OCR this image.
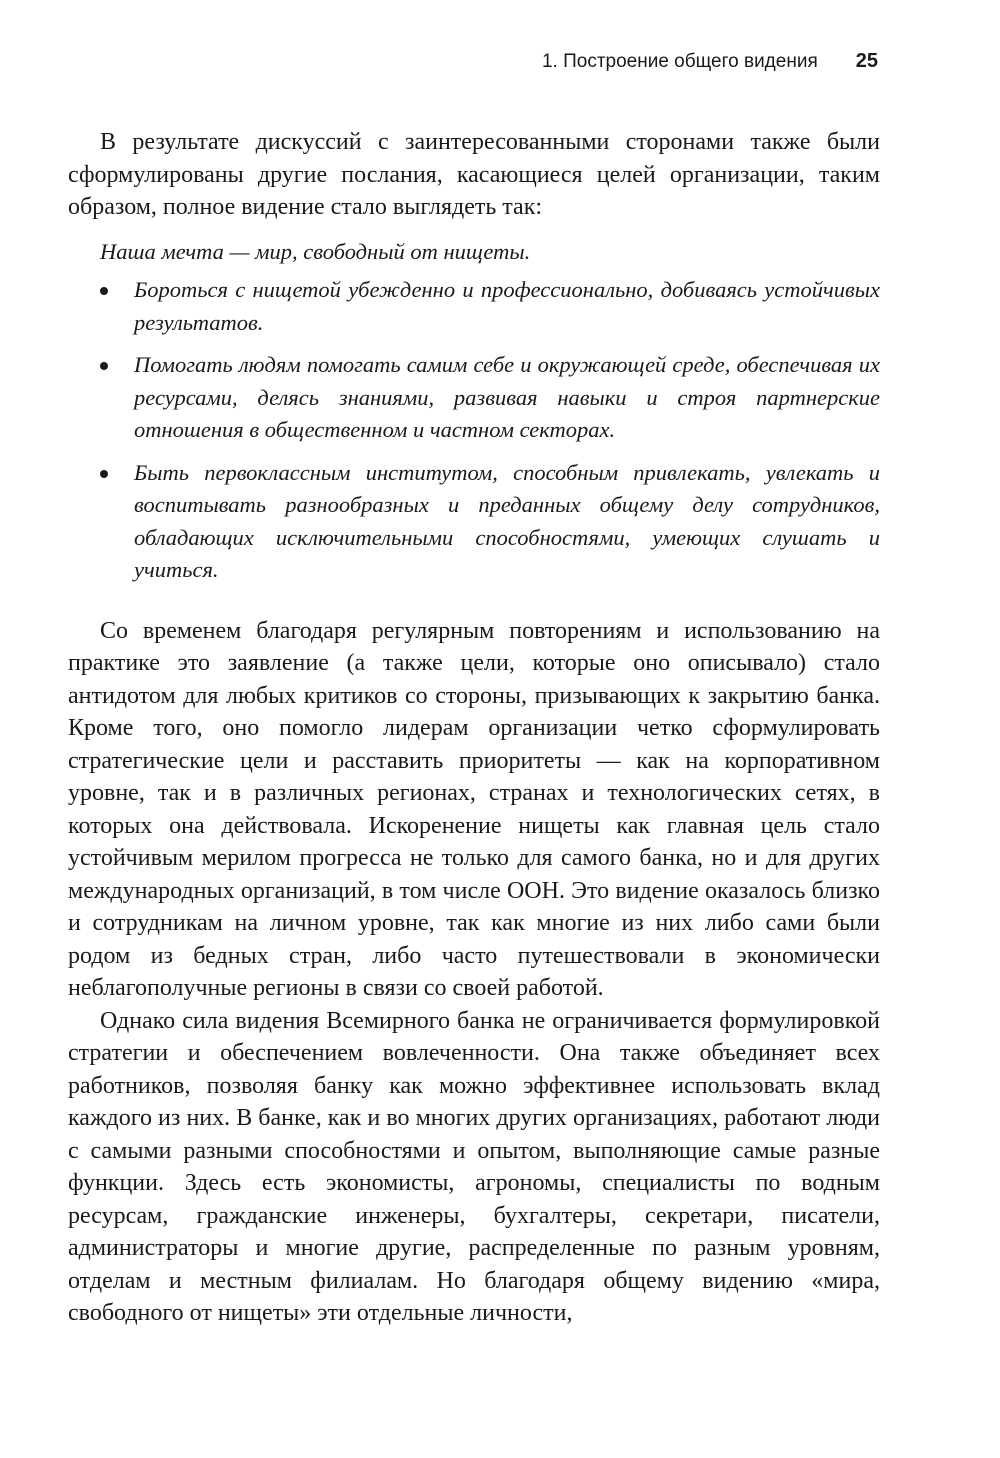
1. Построение общего видения 25

В результате дискуссий с заинтересованными сторонами также были сформулированы другие послания, касающиеся целей организации, таким образом, полное видение стало выглядеть так:

Наша мечта — мир, свободный от нищеты.

Бороться с нищетой убежденно и профессионально, добиваясь устойчивых результатов.
Помогать людям помогать самим себе и окружающей среде, обеспечивая их ресурсами, делясь знаниями, развивая навыки и строя партнерские отношения в общественном и частном секторах.
Быть первоклассным институтом, способным привлекать, увлекать и воспитывать разнообразных и преданных общему делу сотрудников, обладающих исключительными способностями, умеющих слушать и учиться.

Со временем благодаря регулярным повторениям и использованию на практике это заявление (а также цели, которые оно описывало) стало антидотом для любых критиков со стороны, призывающих к закрытию банка. Кроме того, оно помогло лидерам организации четко сформулировать стратегические цели и расставить приоритеты — как на корпоративном уровне, так и в различных регионах, странах и технологических сетях, в которых она действовала. Искоренение нищеты как главная цель стало устойчивым мерилом прогресса не только для самого банка, но и для других международных организаций, в том числе ООН. Это видение оказалось близко и сотрудникам на личном уровне, так как многие из них либо сами были родом из бедных стран, либо часто путешествовали в экономически неблагополучные регионы в связи со своей работой.

Однако сила видения Всемирного банка не ограничивается формулировкой стратегии и обеспечением вовлеченности. Она также объединяет всех работников, позволяя банку как можно эффективнее использовать вклад каждого из них. В банке, как и во многих других организациях, работают люди с самыми разными способностями и опытом, выполняющие самые разные функции. Здесь есть экономисты, агрономы, специалисты по водным ресурсам, гражданские инженеры, бухгалтеры, секретари, писатели, администраторы и многие другие, распределенные по разным уровням, отделам и местным филиалам. Но благодаря общему видению «мира, свободного от нищеты» эти отдельные личности,
